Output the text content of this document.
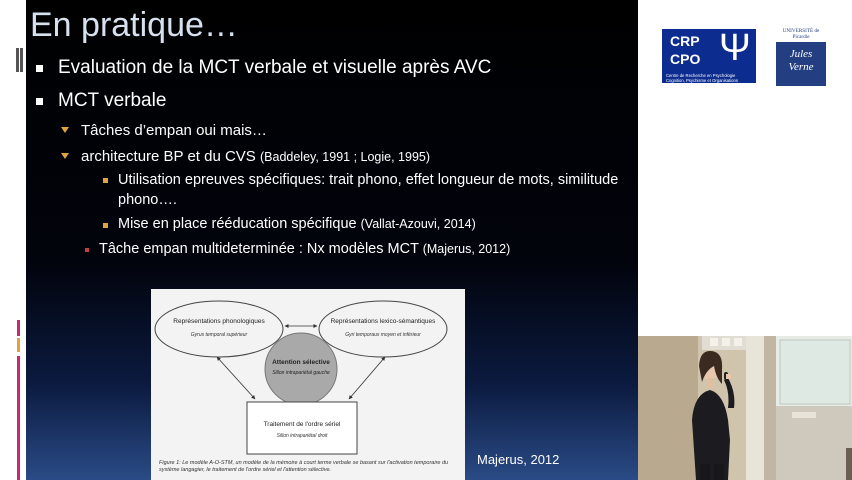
En pratique…
Evaluation de la MCT verbale et visuelle après AVC
MCT verbale
Tâches d’empan oui mais…
architecture BP et du CVS (Baddeley, 1991 ; Logie, 1995)
Utilisation epreuves spécifiques: trait phono, effet longueur de mots, similitude
phono….
Mise en place rééducation spécifique (Vallat-Azouvi, 2014)
Tâche empan multideterminée : Nx modèles MCT (Majerus, 2012)
Représentations phonologiques
Gyrus temporal supérieur
Représentations lexico-sémantiques
Gyri temporaux moyen et inférieur
Attention sélective
Sillon intrapariétal gauche
Traitement de l'ordre sériel
Sillon intrapariétal droit
Figure 1: Le modèle A-O-STM, un modèle de la mémoire à court terme verbale se basant sur l'activation temporaire du système langagier, le traitement de l'ordre sériel et l'attention sélective.
Majerus, 2012
CRP
CPO Ψ
Centre de Recherche en Psychologie Cognition, Psychisme et Organisations
UNIVERSITÉ de Picardie
Jules
Verne
